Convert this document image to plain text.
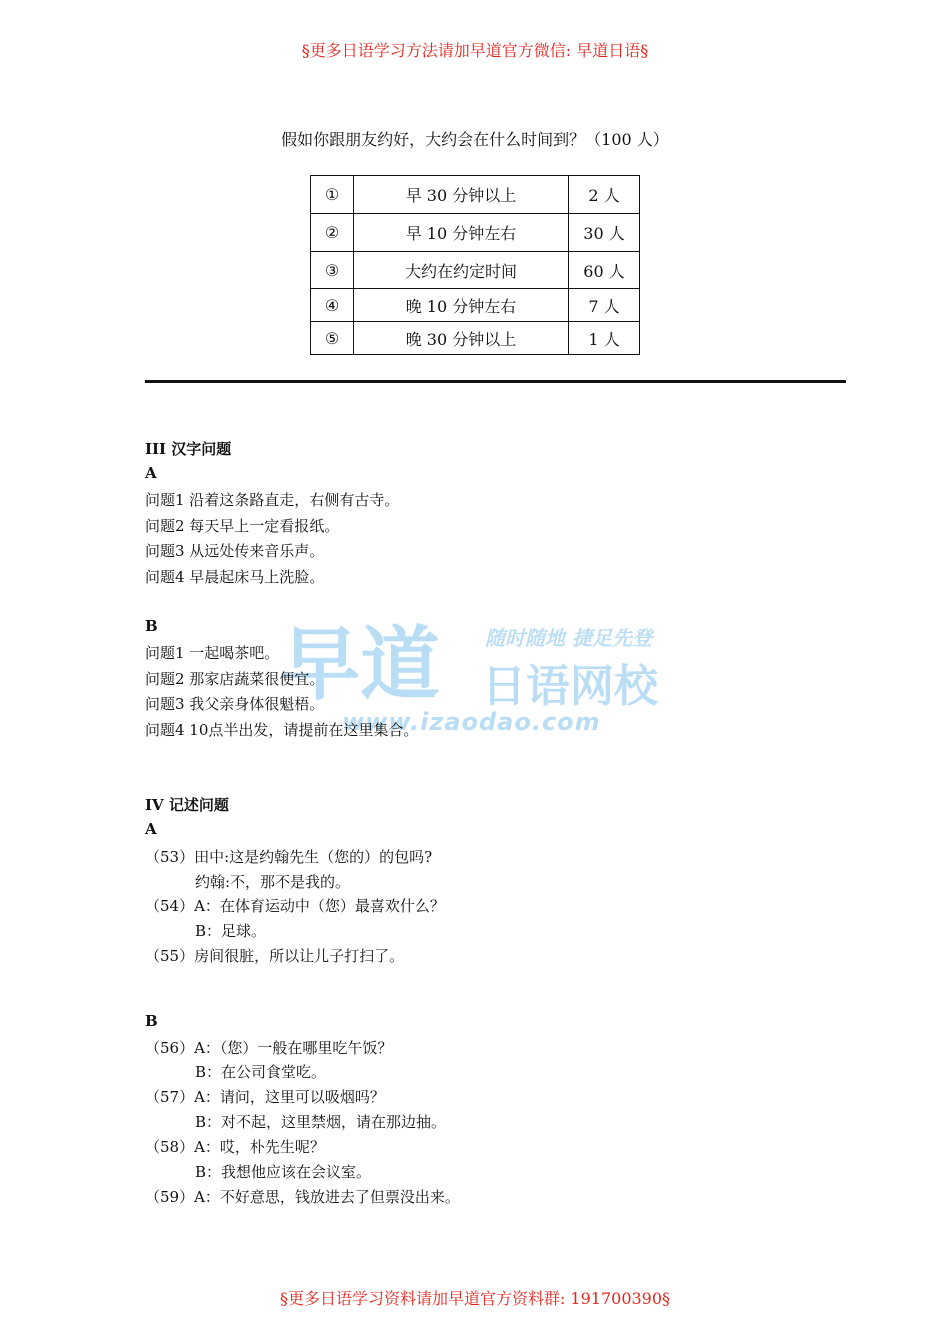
§更多日语学习方法请加早道官方微信: 早道日语§
假如你跟朋友约好，大约会在什么时间到？（100 人）
①	早 30 分钟以上	2 人
②	早 10 分钟左右	30 人
③	大约在约定时间	60 人
④	晚 10 分钟左右	7 人
⑤	晚 30 分钟以上	1 人
早道 随时随地 捷足先登
日语网校
www.izaodao.com
III 汉字问题
A
问题1 沿着这条路直走，右侧有古寺。
问题2 每天早上一定看报纸。
问题3 从远处传来音乐声。
问题4 早晨起床马上洗脸。
B
问题1 一起喝茶吧。
问题2 那家店蔬菜很便宜。
问题3 我父亲身体很魁梧。
问题4 10点半出发，请提前在这里集合。
IV 记述问题
A
（53）田中:这是约翰先生（您的）的包吗?
约翰:不，那不是我的。
（54）A：在体育运动中（您）最喜欢什么？
B：足球。
（55）房间很脏，所以让儿子打扫了。
B
（56）A：（您）一般在哪里吃午饭？
B：在公司食堂吃。
（57）A：请问，这里可以吸烟吗？
B：对不起，这里禁烟，请在那边抽。
（58）A：哎，朴先生呢？
B：我想他应该在会议室。
（59）A：不好意思，钱放进去了但票没出来。
§更多日语学习资料请加早道官方资料群: 191700390§
